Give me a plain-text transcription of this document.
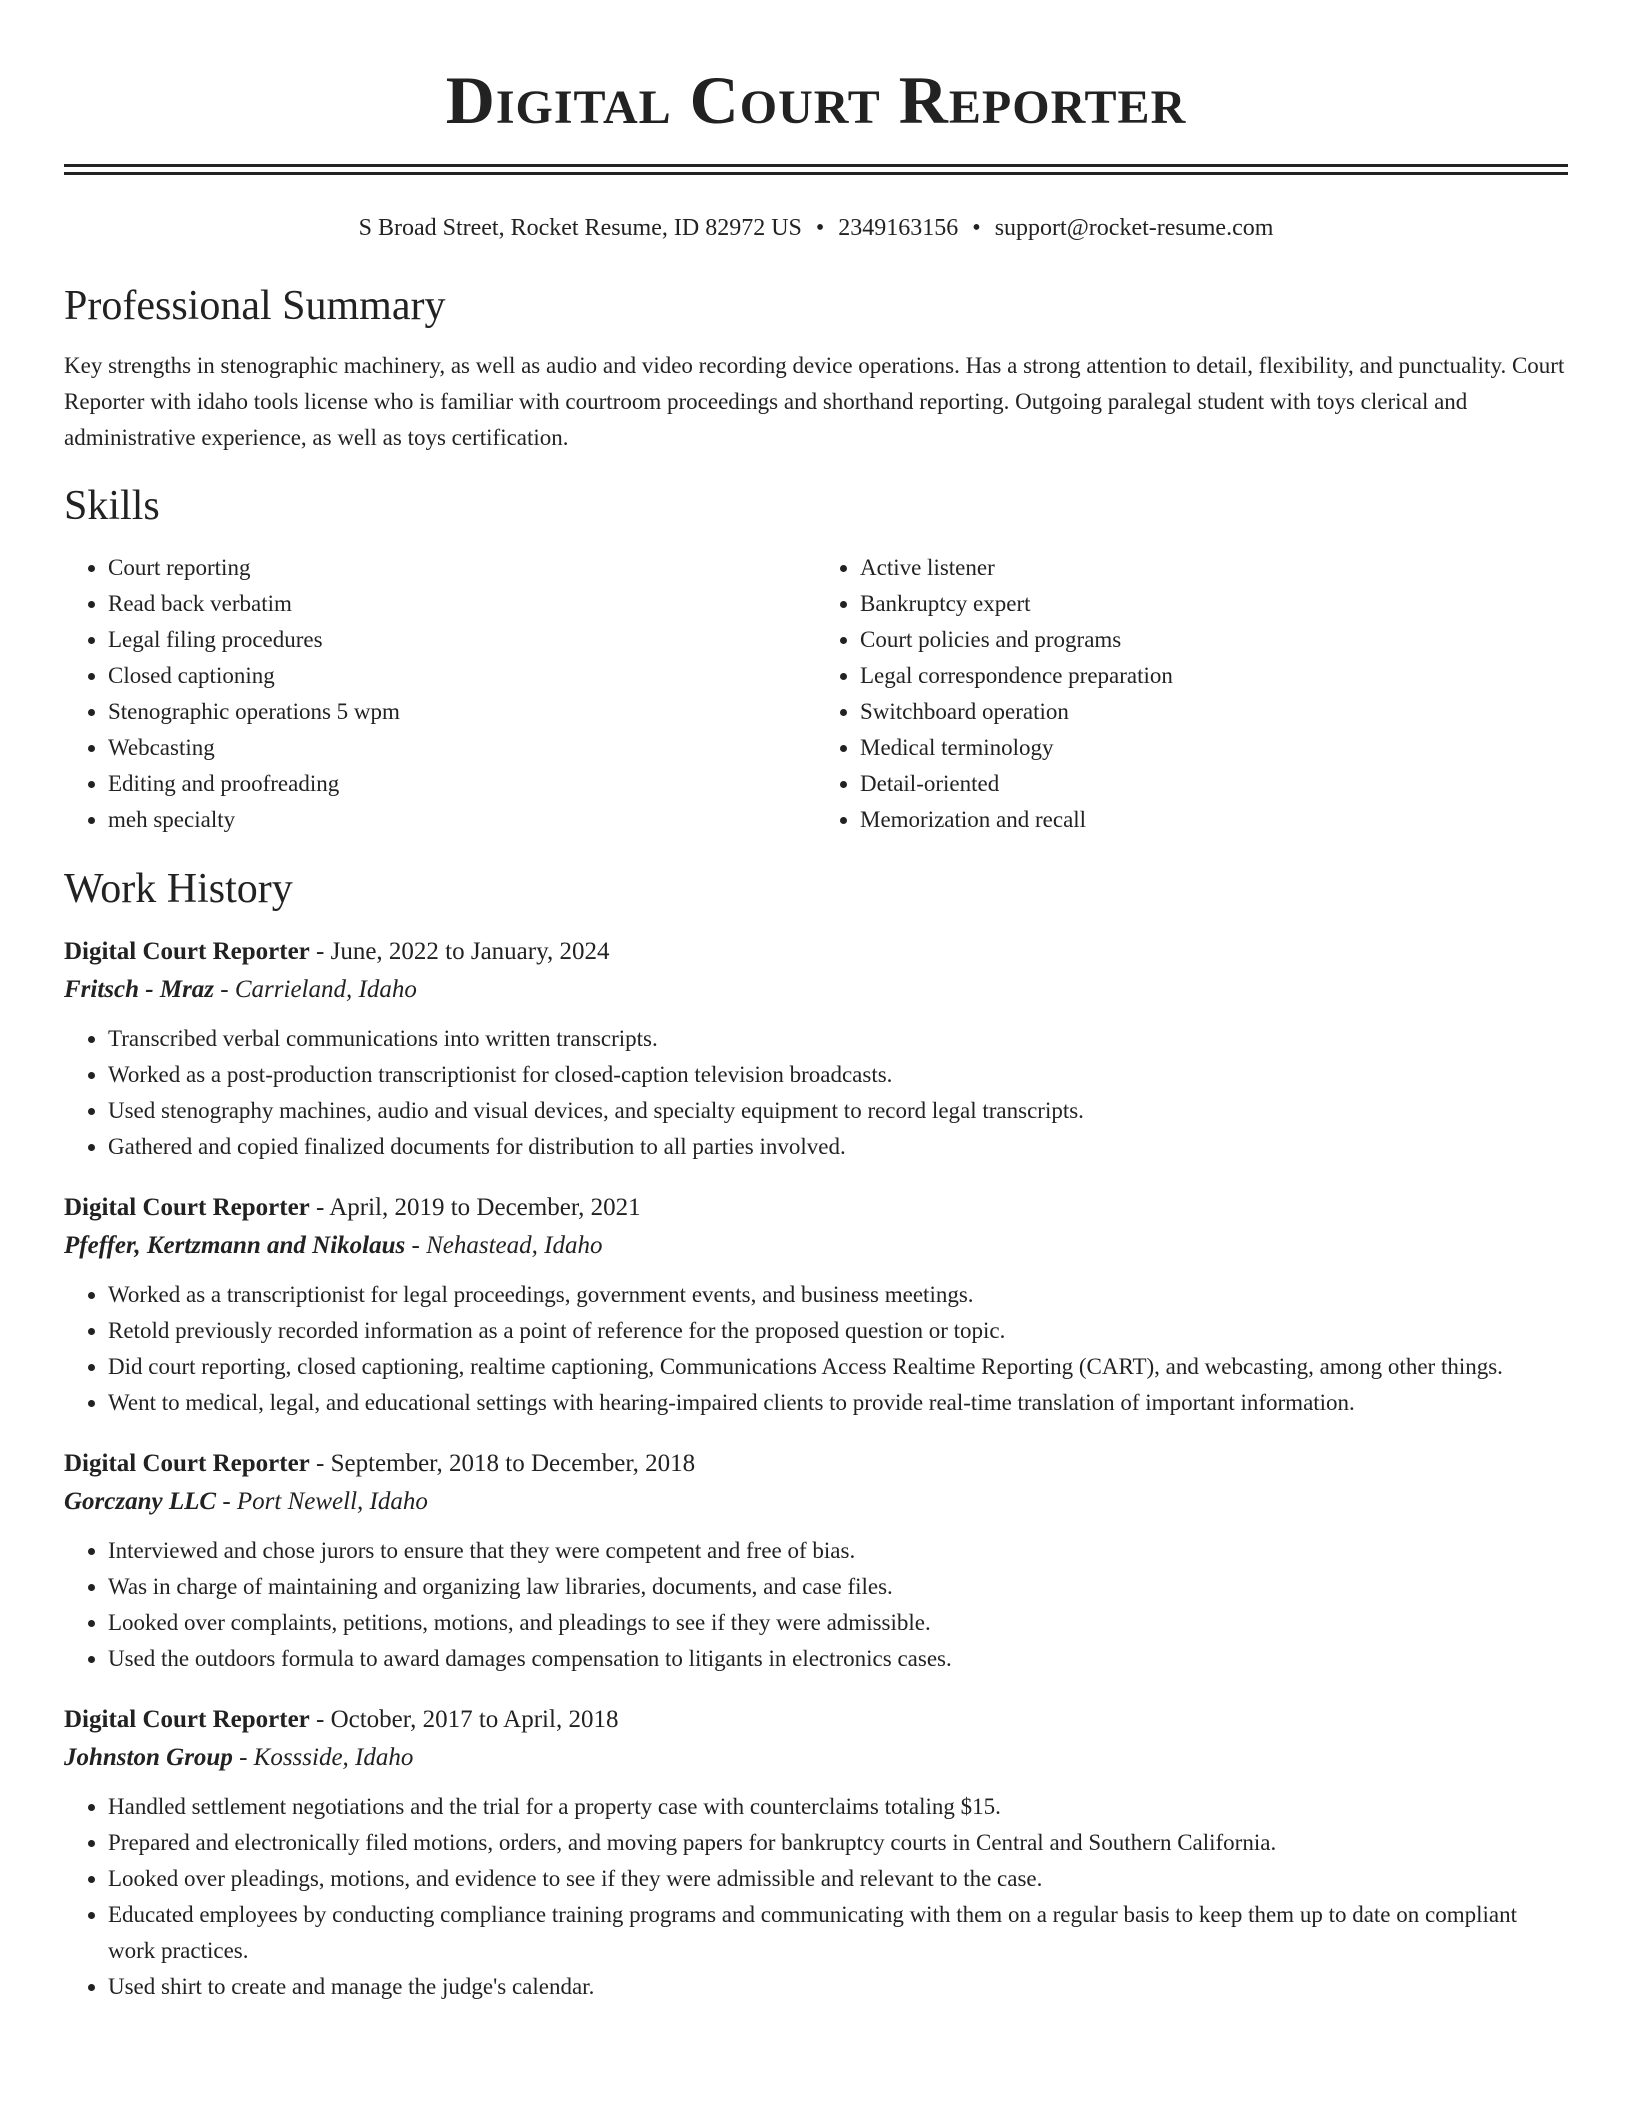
Digital Court Reporter
S Broad Street, Rocket Resume, ID 82972 US • 2349163156 • support@rocket-resume.com
Professional Summary

Key strengths in stenographic machinery, as well as audio and video recording device operations. Has a strong attention to detail, flexibility, and punctuality. Court Reporter with idaho tools license who is familiar with courtroom proceedings and shorthand reporting. Outgoing paralegal student with toys clerical and administrative experience, as well as toys certification.

Skills
• Court reporting
• Read back verbatim
• Legal filing procedures
• Closed captioning
• Stenographic operations 5 wpm
• Webcasting
• Editing and proofreading
• meh specialty
• Active listener
• Bankruptcy expert
• Court policies and programs
• Legal correspondence preparation
• Switchboard operation
• Medical terminology
• Detail-oriented
• Memorization and recall
Work History
Digital Court Reporter - June, 2022 to January, 2024
Fritsch - Mraz - Carrieland, Idaho
• Transcribed verbal communications into written transcripts.
• Worked as a post-production transcriptionist for closed-caption television broadcasts.
• Used stenography machines, audio and visual devices, and specialty equipment to record legal transcripts.
• Gathered and copied finalized documents for distribution to all parties involved.
Digital Court Reporter - April, 2019 to December, 2021
Pfeffer, Kertzmann and Nikolaus - Nehastead, Idaho
• Worked as a transcriptionist for legal proceedings, government events, and business meetings.
• Retold previously recorded information as a point of reference for the proposed question or topic.
• Did court reporting, closed captioning, realtime captioning, Communications Access Realtime Reporting (CART), and webcasting, among other things.
• Went to medical, legal, and educational settings with hearing-impaired clients to provide real-time translation of important information.
Digital Court Reporter - September, 2018 to December, 2018
Gorczany LLC - Port Newell, Idaho
• Interviewed and chose jurors to ensure that they were competent and free of bias.
• Was in charge of maintaining and organizing law libraries, documents, and case files.
• Looked over complaints, petitions, motions, and pleadings to see if they were admissible.
• Used the outdoors formula to award damages compensation to litigants in electronics cases.
Digital Court Reporter - October, 2017 to April, 2018
Johnston Group - Kossside, Idaho
• Handled settlement negotiations and the trial for a property case with counterclaims totaling $15.
• Prepared and electronically filed motions, orders, and moving papers for bankruptcy courts in Central and Southern California.
• Looked over pleadings, motions, and evidence to see if they were admissible and relevant to the case.
• Educated employees by conducting compliance training programs and communicating with them on a regular basis to keep them up to date on compliant work practices.
• Used shirt to create and manage the judge's calendar.
